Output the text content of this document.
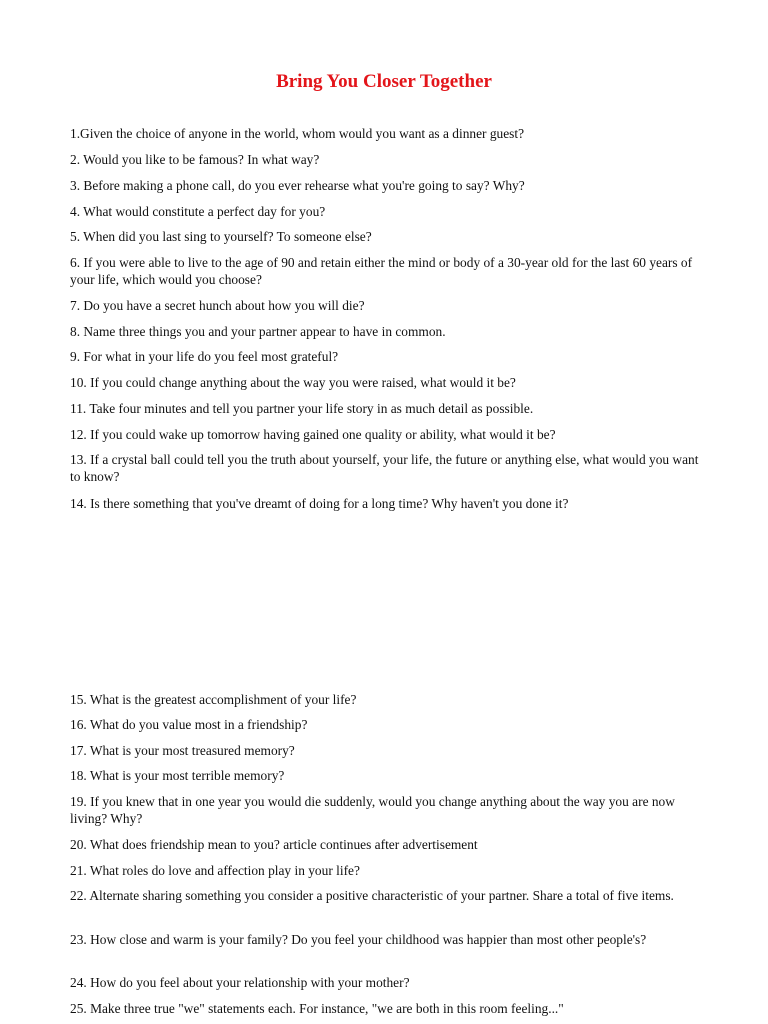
Bring You Closer Together

1.Given the choice of anyone in the world, whom would you want as a dinner guest?

2. Would you like to be famous? In what way?

3. Before making a phone call, do you ever rehearse what you're going to say? Why?

4. What would constitute a perfect day for you?

5. When did you last sing to yourself? To someone else?

6. If you were able to live to the age of 90 and retain either the mind or body of a 30-year old for the last 60 years of your life, which would you choose?

7. Do you have a secret hunch about how you will die?

8. Name three things you and your partner appear to have in common.

9. For what in your life do you feel most grateful?

10. If you could change anything about the way you were raised, what would it be?

11. Take four minutes and tell you partner your life story in as much detail as possible.

12. If you could wake up tomorrow having gained one quality or ability, what would it be?

13. If a crystal ball could tell you the truth about yourself, your life, the future or anything else, what would you want to know?

14. Is there something that you've dreamt of doing for a long time? Why haven't you done it?

15. What is the greatest accomplishment of your life?

16. What do you value most in a friendship?

17. What is your most treasured memory?

18. What is your most terrible memory?

19. If you knew that in one year you would die suddenly, would you change anything about the way you are now living? Why?

20. What does friendship mean to you? article continues after advertisement

21. What roles do love and affection play in your life?

22. Alternate sharing something you consider a positive characteristic of your partner. Share a total of five items.

23. How close and warm is your family? Do you feel your childhood was happier than most other people's?

24. How do you feel about your relationship with your mother?

25. Make three true "we" statements each. For instance, "we are both in this room feeling..."
